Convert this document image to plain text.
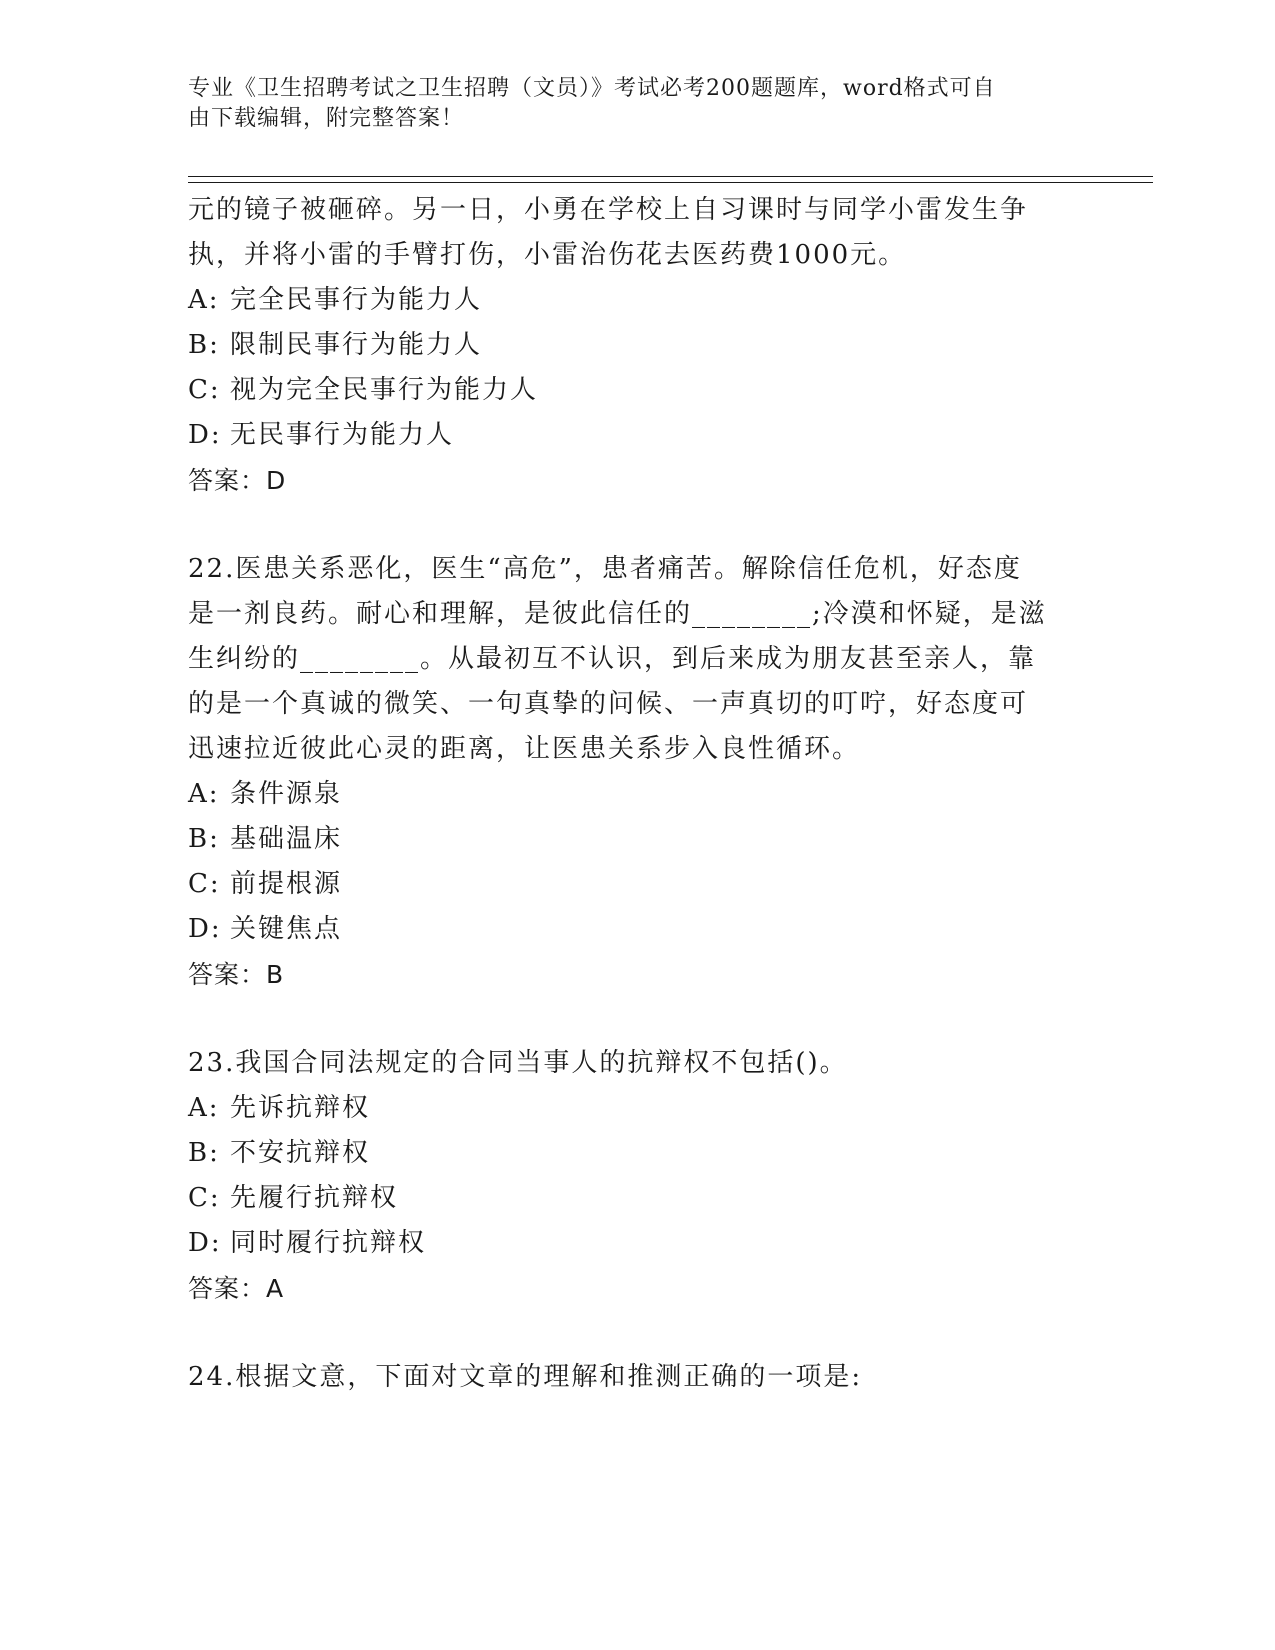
专业《卫生招聘考试之卫生招聘（文员）》考试必考200题题库，word格式可自
由下载编辑，附完整答案！
元的镜子被砸碎。另一日，小勇在学校上自习课时与同学小雷发生争
执，并将小雷的手臂打伤，小雷治伤花去医药费1000元。
A: 完全民事行为能力人
B: 限制民事行为能力人
C: 视为完全民事行为能力人
D: 无民事行为能力人
答案：D
22.医患关系恶化，医生“高危”，患者痛苦。解除信任危机，好态度
是一剂良药。耐心和理解，是彼此信任的________;冷漠和怀疑，是滋
生纠纷的________。从最初互不认识，到后来成为朋友甚至亲人，靠
的是一个真诚的微笑、一句真挚的问候、一声真切的叮咛，好态度可
迅速拉近彼此心灵的距离，让医患关系步入良性循环。
A: 条件源泉
B: 基础温床
C: 前提根源
D: 关键焦点
答案：B
23.我国合同法规定的合同当事人的抗辩权不包括()。
A: 先诉抗辩权
B: 不安抗辩权
C: 先履行抗辩权
D: 同时履行抗辩权
答案：A
24.根据文意，下面对文章的理解和推测正确的一项是:
